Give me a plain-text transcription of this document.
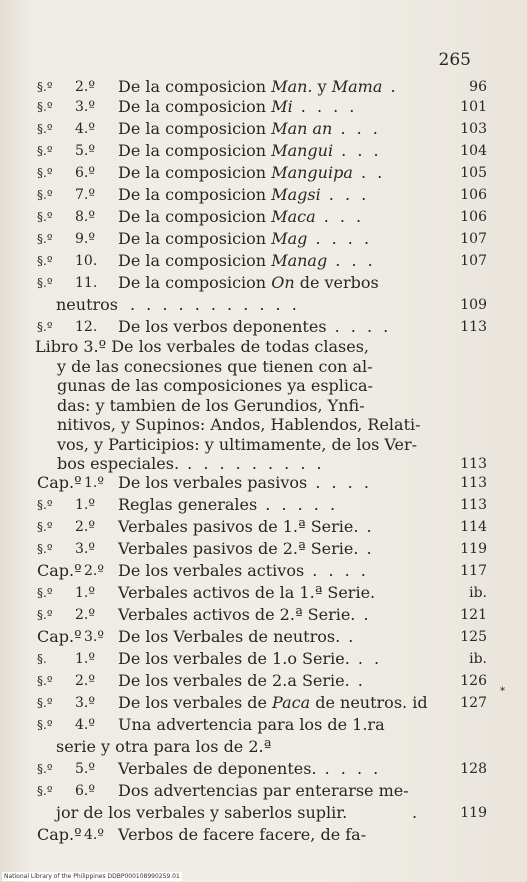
265
§.º 2.º De la composicion Man. y Mama .	96
§.º 3.º De la composicion Mi . . . .	101
§.º 4.º De la composicion Man an . . .	103
§.º 5.º De la composicion Mangui . . .	104
§.º 6.º De la composicion Manguipa . .	105
§.º 7.º De la composicion Magsi . . .	106
§.º 8.º De la composicion Maca . . .	106
§.º 9.º De la composicion Mag . . . .	107
§.º 10. De la composicion Manag . . .	107
§.º 11. De la composicion On de verbos
neutros . . . . . . . . . . .	109
§.º 12. De los verbos deponentes . . . .	113
Libro 3.º De los verbales de todas clases,
y de las conecsiones que tienen con al-
gunas de las composiciones ya esplica-
das: y tambien de los Gerundios, Ynfi-
nitivos, y Supinos: Andos, Hablendos, Relati-
vos, y Participios: y ultimamente, de los Ver-
bos especiales. . . . . . . . . .	113
Cap.º 1.º De los verbales pasivos . . . .	113
§.º 1.º Reglas generales . . . . .	113
§.º 2.º Verbales pasivos de 1.ª Serie. .	114
§.º 3.º Verbales pasivos de 2.ª Serie. .	119
Cap.º 2.º De los verbales activos . . . .	117
§.º 1.º Verbales activos de la 1.ª Serie.	ib.
§.º 2.º Verbales activos de 2.ª Serie. .	121
Cap.º 3.º De los Verbales de neutros. .	125
§. 1.º De los verbales de 1.o Serie. . .	ib.
§.º 2.º De los verbales de 2.a Serie. .	126
§.º 3.º De los verbales de Paca de neutros. id 127
§.º 4.º Una advertencia para los de 1.ra
serie y otra para los de 2.ª
§.º 5.º Verbales de deponentes. . . . .	128
§.º 6.º Dos advertencias par enterarse me-
jor de los verbales y saberlos suplir.	.	119
Cap.º 4.º Verbos de facere facere, de fa-
*
National Library of the Philippines DDBP000108990259.01
